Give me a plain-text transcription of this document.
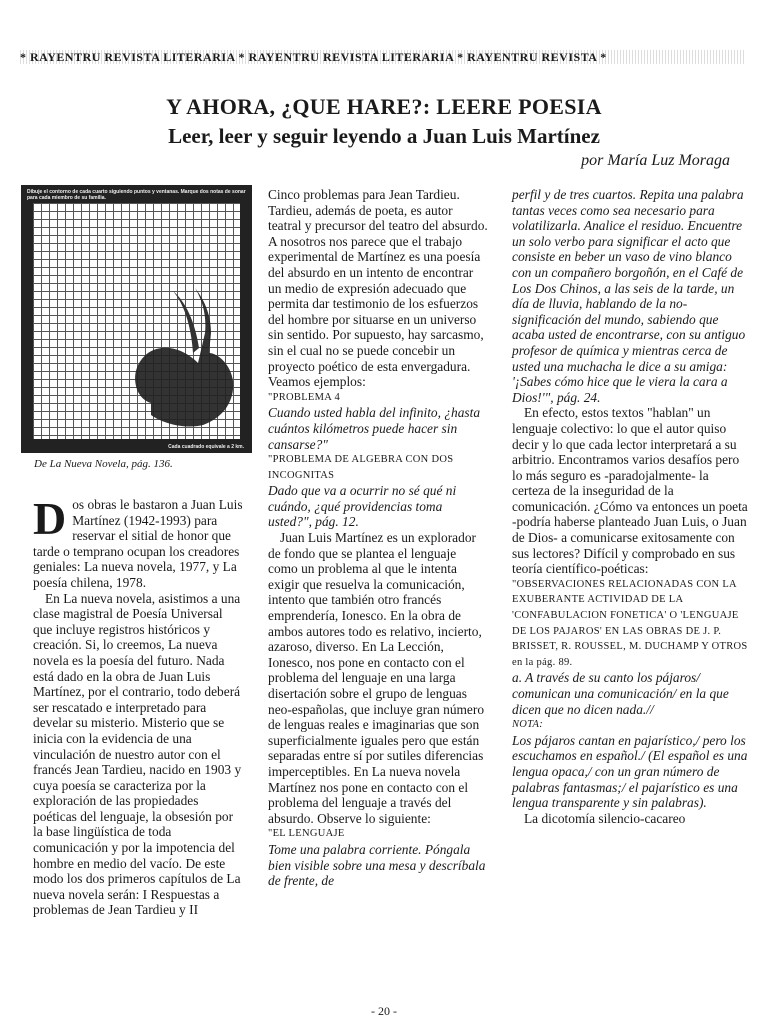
* RAYENTRU REVISTA LITERARIA * RAYENTRU REVISTA LITERARIA * RAYENTRU REVISTA *
Y AHORA, ¿QUE HARE?: LEERE POESIA
Leer, leer y seguir leyendo a Juan Luis Martínez
por María Luz Moraga
Dibuje el contorno de cada cuarto siguiendo puntos y ventanas. Marque dos notas de sonar para cada miembro de su familia.
Cada cuadrado equivale a 2 km.
De La Nueva Novela, pág. 136.
D os obras le bastaron a Juan Luis Martínez (1942-1993) para reservar el sitial de honor que tarde o temprano ocupan los creadores geniales: La nueva novela, 1977, y La poesía chilena, 1978.

En La nueva novela, asistimos a una clase magistral de Poesía Universal que incluye registros históricos y creación. Si, lo creemos, La nueva novela es la poesía del futuro. Nada está dado en la obra de Juan Luis Martínez, por el contrario, todo deberá ser rescatado e interpretado para develar su misterio. Misterio que se inicia con la evidencia de una vinculación de nuestro autor con el francés Jean Tardieu, nacido en 1903 y cuya poesía se caracteriza por la exploración de las propiedades poéticas del lenguaje, la obsesión por la base lingüística de toda comunicación y por la impotencia del hombre en medio del vacío. De este modo los dos primeros capítulos de La nueva novela serán: I Respuestas a problemas de Jean Tardieu y II

Cinco problemas para Jean Tardieu. Tardieu, además de poeta, es autor teatral y precursor del teatro del absurdo. A nosotros nos parece que el trabajo experimental de Martínez es una poesía del absurdo en un intento de encontrar un medio de expresión adecuado que permita dar testimonio de los esfuerzos del hombre por situarse en un universo sin sentido. Por supuesto, hay sarcasmo, sin el cual no se puede concebir un proyecto poético de esta envergadura. Veamos ejemplos:

"PROBLEMA 4

Cuando usted habla del infinito, ¿hasta cuántos kilómetros puede hacer sin cansarse?"

"PROBLEMA DE ALGEBRA CON DOS INCOGNITAS

Dado que va a ocurrir no sé qué ni cuándo, ¿qué providencias toma usted?", pág. 12.

Juan Luis Martínez es un explorador de fondo que se plantea el lenguaje como un problema al que le intenta exigir que resuelva la comunicación, intento que también otro francés emprendería, Ionesco. En la obra de ambos autores todo es relativo, incierto, azaroso, diverso. En La Lección, Ionesco, nos pone en contacto con el problema del lenguaje en una larga disertación sobre el grupo de lenguas neo-españolas, que incluye gran número de lenguas reales e imaginarias que son superficialmente iguales pero que están separadas entre sí por sutiles diferencias imperceptibles. En La nueva novela Martínez nos pone en contacto con el problema del lenguaje a través del absurdo. Observe lo siguiente:

"EL LENGUAJE

Tome una palabra corriente. Póngala bien visible sobre una mesa y descríbala de frente, de

perfil y de tres cuartos. Repita una palabra tantas veces como sea necesario para volatilizarla. Analice el residuo. Encuentre un solo verbo para significar el acto que consiste en beber un vaso de vino blanco con un compañero borgoñón, en el Café de Los Dos Chinos, a las seis de la tarde, un día de lluvia, hablando de la no-significación del mundo, sabiendo que acaba usted de encontrarse, con su antiguo profesor de química y mientras cerca de usted una muchacha le dice a su amiga: '¡Sabes cómo hice que le viera la cara a Dios!'", pág. 24.

En efecto, estos textos "hablan" un lenguaje colectivo: lo que el autor quiso decir y lo que cada lector interpretará a su arbitrio. Encontramos varios desafíos pero lo más seguro es -paradojalmente- la certeza de la inseguridad de la comunicación. ¿Cómo va entonces un poeta -podría haberse planteado Juan Luis, o Juan de Dios- a comunicarse exitosamente con sus lectores? Difícil y comprobado en sus teoría científico-poéticas:

"OBSERVACIONES RELACIONADAS CON LA EXUBERANTE ACTIVIDAD DE LA 'CONFABULACION FONETICA' O 'LENGUAJE DE LOS PAJAROS' EN LAS OBRAS DE J. P. BRISSET, R. ROUSSEL, M. DUCHAMP Y OTROS en la pág. 89.

a. A través de su canto los pájaros/ comunican una comunicación/ en la que dicen que no dicen nada.//

NOTA:

Los pájaros cantan en pajarístico,/ pero los escuchamos en español./ (El español es una lengua opaca,/ con un gran número de palabras fantasmas;/ el pajarístico es una lengua transparente y sin palabras).

La dicotomía silencio-cacareo

- 20 -
